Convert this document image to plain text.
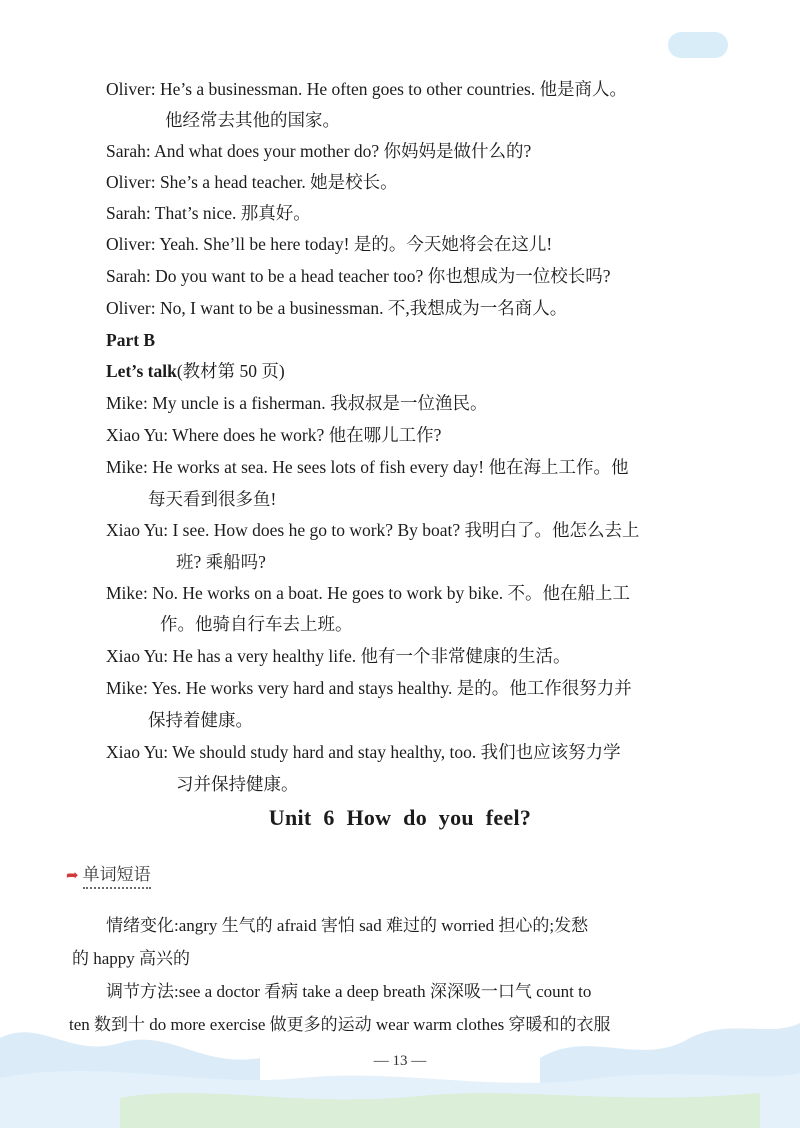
Oliver: He’s a businessman. He often goes to other countries. 他是商人。
他经常去其他的国家。
Sarah: And what does your mother do? 你妈妈是做什么的?
Oliver: She’s a head teacher. 她是校长。
Sarah: That’s nice. 那真好。
Oliver: Yeah. She’ll be here today! 是的。今天她将会在这儿!
Sarah: Do you want to be a head teacher too? 你也想成为一位校长吗?
Oliver: No, I want to be a businessman. 不,我想成为一名商人。
Part B
Let’s talk(教材第 50 页)
Mike: My uncle is a fisherman. 我叔叔是一位渔民。
Xiao Yu: Where does he work? 他在哪儿工作?
Mike: He works at sea. He sees lots of fish every day! 他在海上工作。他
每天看到很多鱼!
Xiao Yu: I see. How does he go to work? By boat? 我明白了。他怎么去上
班? 乘船吗?
Mike: No. He works on a boat. He goes to work by bike. 不。他在船上工
作。他骑自行车去上班。
Xiao Yu: He has a very healthy life. 他有一个非常健康的生活。
Mike: Yes. He works very hard and stays healthy. 是的。他工作很努力并
保持着健康。
Xiao Yu: We should study hard and stay healthy, too. 我们也应该努力学
习并保持健康。
Unit 6 How do you feel?
➦ 单词短语
情绪变化:angry 生气的 afraid 害怕 sad 难过的 worried 担心的;发愁
的 happy 高兴的
调节方法:see a doctor 看病 take a deep breath 深深吸一口气 count to
ten 数到十 do more exercise 做更多的运动 wear warm clothes 穿暖和的衣服
— 13 —
